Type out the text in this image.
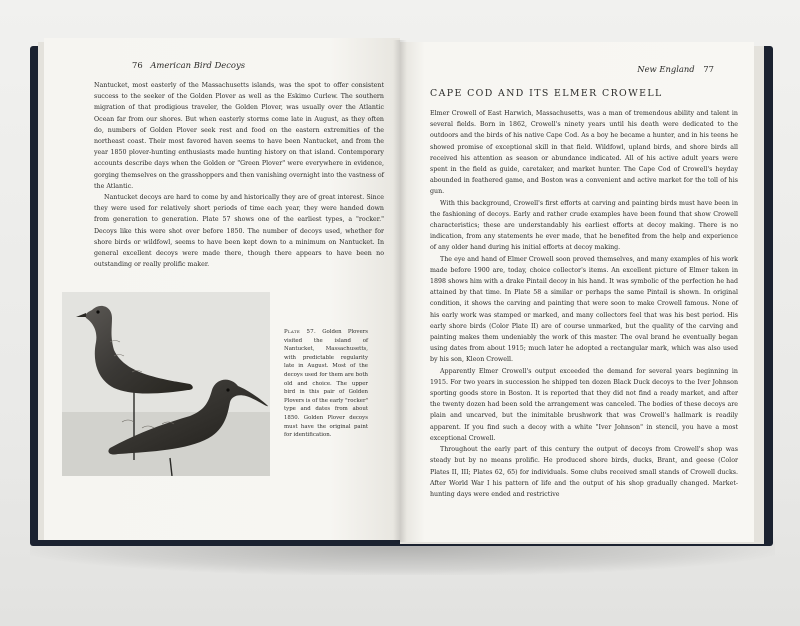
76 American Bird Decoys

Nantucket, most easterly of the Massachusetts islands, was the spot to offer consistent success to the seeker of the Golden Plover as well as the Eskimo Curlew. The southern migration of that prodigious traveler, the Golden Plover, was usually over the Atlantic Ocean far from our shores. But when easterly storms come late in August, as they often do, numbers of Golden Plover seek rest and food on the eastern extremities of the northeast coast. Their most favored haven seems to have been Nantucket, and from the year 1850 plover-hunting enthusiasts made hunting history on that island. Contemporary accounts describe days when the Golden or "Green Plover" were everywhere in evidence, gorging themselves on the grasshoppers and then vanishing overnight into the vastness of the Atlantic.

Nantucket decoys are hard to come by and historically they are of great interest. Since they were used for relatively short periods of time each year, they were handed down from generation to generation. Plate 57 shows one of the earliest types, a "rocker." Decoys like this were shot over before 1850. The number of decoys used, whether for shore birds or wildfowl, seems to have been kept down to a minimum on Nantucket. In general excellent decoys were made there, though there appears to have been no outstanding or really prolific maker.

Plate 57. Golden Plovers visited the island of Nantucket, Massachusetts, with predictable regularity late in August. Most of the decoys used for them are both old and choice. The upper bird in this pair of Golden Plovers is of the early "rocker" type and dates from about 1850. Golden Plover decoys must have the original paint for identification.
New England 77
CAPE COD AND ITS ELMER CROWELL

Elmer Crowell of East Harwich, Massachusetts, was a man of tremendous ability and talent in several fields. Born in 1862, Crowell's ninety years until his death were dedicated to the outdoors and the birds of his native Cape Cod. As a boy he became a hunter, and in his teens he showed promise of exceptional skill in that field. Wildfowl, upland birds, and shore birds all received his attention as season or abundance indicated. All of his active adult years were spent in the field as guide, caretaker, and market hunter. The Cape Cod of Crowell's heyday abounded in feathered game, and Boston was a convenient and active market for the toll of his gun.

With this background, Crowell's first efforts at carving and painting birds must have been in the fashioning of decoys. Early and rather crude examples have been found that show Crowell characteristics; these are understandably his earliest efforts at decoy making. There is no indication, from any statements he ever made, that he benefited from the help and experience of any older hand during his initial efforts at decoy making.

The eye and hand of Elmer Crowell soon proved themselves, and many examples of his work made before 1900 are, today, choice collector's items. An excellent picture of Elmer taken in 1898 shows him with a drake Pintail decoy in his hand. It was symbolic of the perfection he had attained by that time. In Plate 58 a similar or perhaps the same Pintail is shown. In original condition, it shows the carving and painting that were soon to make Crowell famous. None of his early work was stamped or marked, and many collectors feel that was his best period. His early shore birds (Color Plate II) are of course unmarked, but the quality of the carving and painting makes them undeniably the work of this master. The oval brand he eventually began using dates from about 1915; much later he adopted a rectangular mark, which was also used by his son, Kleon Crowell.

Apparently Elmer Crowell's output exceeded the demand for several years beginning in 1915. For two years in succession he shipped ten dozen Black Duck decoys to the Iver Johnson sporting goods store in Boston. It is reported that they did not find a ready market, and after the twenty dozen had been sold the arrangement was canceled. The bodies of these decoys are plain and uncarved, but the inimitable brushwork that was Crowell's hallmark is readily apparent. If you find such a decoy with a white "Iver Johnson" in stencil, you have a most exceptional Crowell.

Throughout the early part of this century the output of decoys from Crowell's shop was steady but by no means prolific. He produced shore birds, ducks, Brant, and geese (Color Plates II, III; Plates 62, 65) for individuals. Some clubs received small stands of Crowell ducks. After World War I his pattern of life and the output of his shop gradually changed. Market-hunting days were ended and restrictive
